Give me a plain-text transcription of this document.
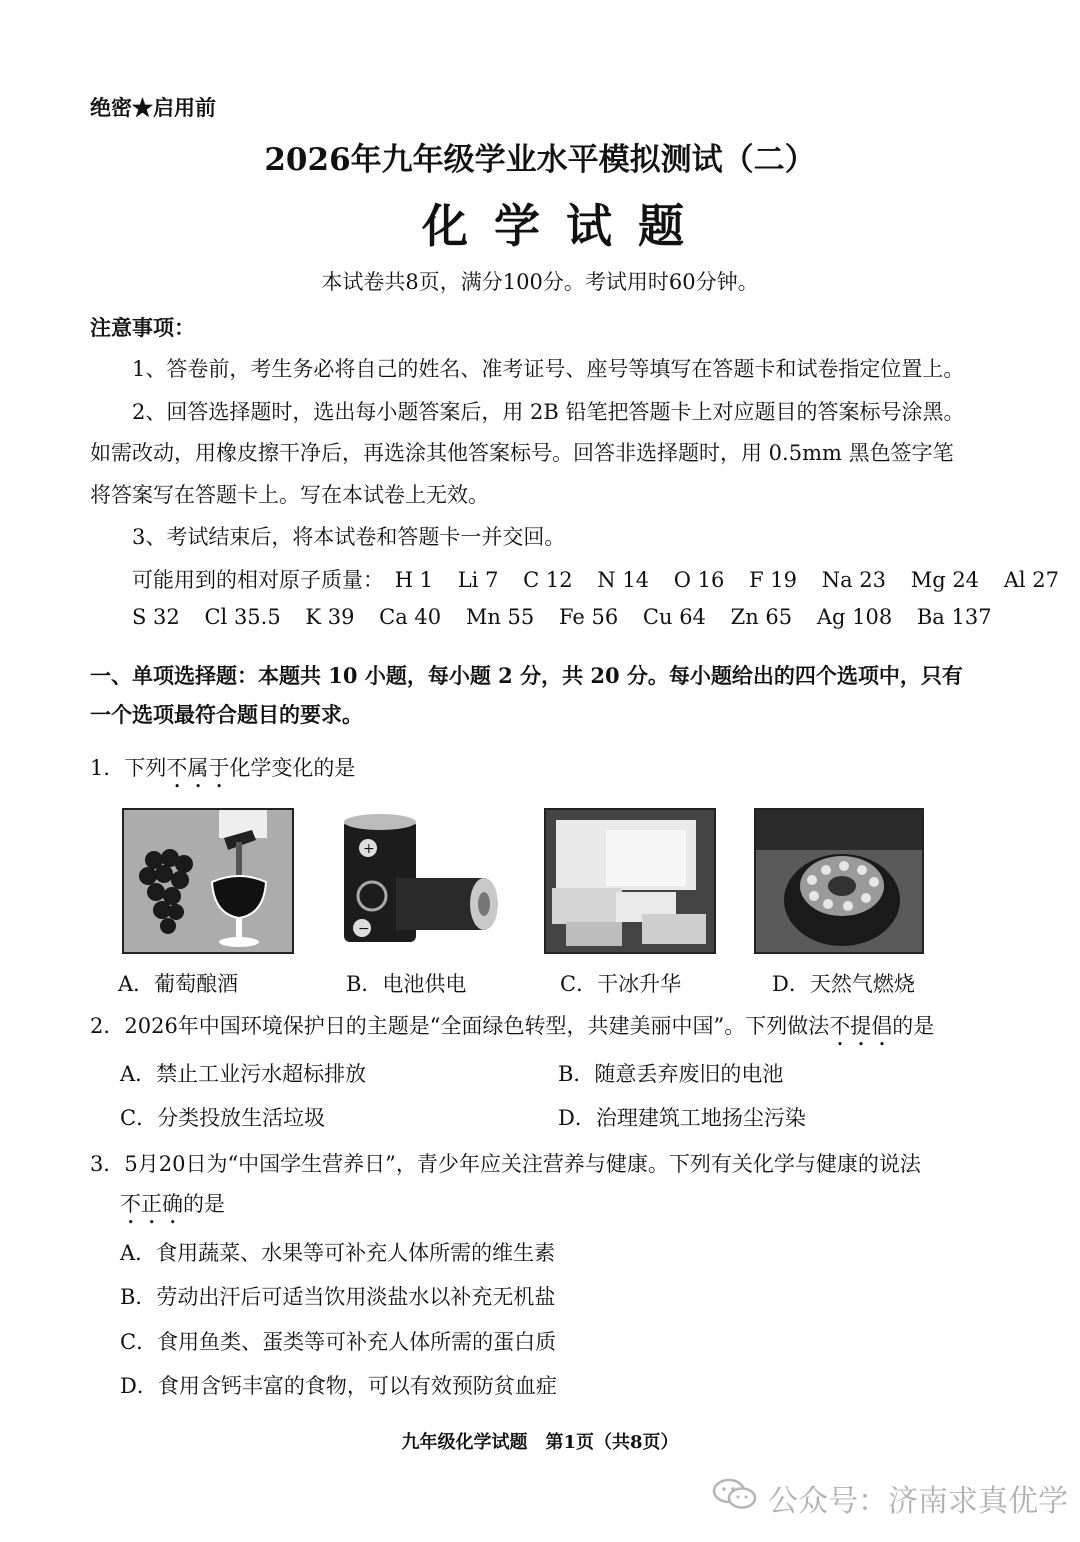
绝密★启用前
2026年九年级学业水平模拟测试（二）
化学试题
本试卷共8页，满分100分。考试用时60分钟。
注意事项：
1、答卷前，考生务必将自己的姓名、准考证号、座号等填写在答题卡和试卷指定位置上。
2、回答选择题时，选出每小题答案后，用 2B 铅笔把答题卡上对应题目的答案标号涂黑。
如需改动，用橡皮擦干净后，再选涂其他答案标号。回答非选择题时，用 0.5mm 黑色签字笔
将答案写在答题卡上。写在本试卷上无效。
3、考试结束后，将本试卷和答题卡一并交回。
可能用到的相对原子质量： H 1 Li 7 C 12 N 14 O 16 F 19 Na 23 Mg 24 Al 27
S 32 Cl 35.5 K 39 Ca 40 Mn 55 Fe 56 Cu 64 Zn 65 Ag 108 Ba 137
一、单项选择题：本题共 10 小题，每小题 2 分，共 20 分。每小题给出的四个选项中，只有
一个选项最符合题目的要求。
1．下列不属于化学变化的是
+
−
A．葡萄酿酒	B．电池供电	C．干冰升华	D．天然气燃烧
2．2026年中国环境保护日的主题是“全面绿色转型，共建美丽中国”。下列做法不提倡的是
A．禁止工业污水超标排放	B．随意丢弃废旧的电池
C．分类投放生活垃圾	D．治理建筑工地扬尘污染
3．5月20日为“中国学生营养日”，青少年应关注营养与健康。下列有关化学与健康的说法
不正确的是
A．食用蔬菜、水果等可补充人体所需的维生素
B．劳动出汗后可适当饮用淡盐水以补充无机盐
C．食用鱼类、蛋类等可补充人体所需的蛋白质
D．食用含钙丰富的食物，可以有效预防贫血症
九年级化学试题　第1页（共8页）
公众号：济南求真优学
